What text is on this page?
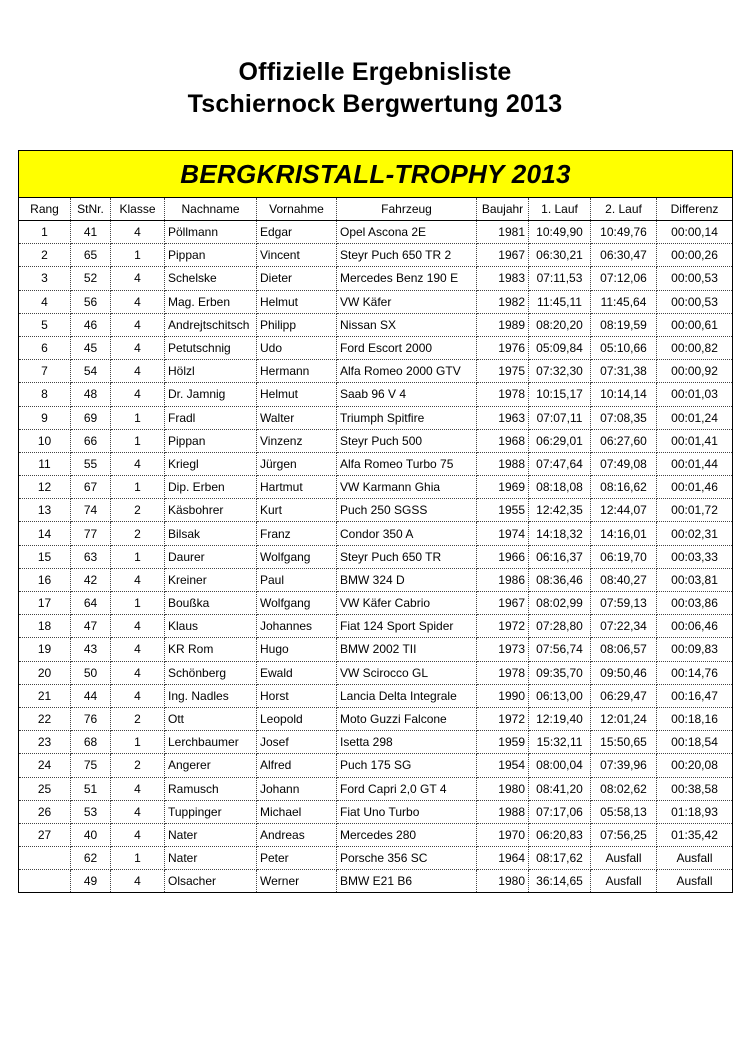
Offizielle Ergebnisliste
Tschiernock Bergwertung 2013
BERGKRISTALL-TROPHY 2013									
Rang	StNr.	Klasse	Nachname	Vornahme	Fahrzeug	Baujahr	1. Lauf	2. Lauf	Differenz
1	41	4	Pöllmann	Edgar	Opel Ascona 2E	1981	10:49,90	10:49,76	00:00,14
2	65	1	Pippan	Vincent	Steyr Puch 650 TR 2	1967	06:30,21	06:30,47	00:00,26
3	52	4	Schelske	Dieter	Mercedes Benz 190 E	1983	07:11,53	07:12,06	00:00,53
4	56	4	Mag. Erben	Helmut	VW Käfer	1982	11:45,11	11:45,64	00:00,53
5	46	4	Andrejtschitsch	Philipp	Nissan SX	1989	08:20,20	08:19,59	00:00,61
6	45	4	Petutschnig	Udo	Ford Escort 2000	1976	05:09,84	05:10,66	00:00,82
7	54	4	Hölzl	Hermann	Alfa Romeo 2000 GTV	1975	07:32,30	07:31,38	00:00,92
8	48	4	Dr. Jamnig	Helmut	Saab 96 V 4	1978	10:15,17	10:14,14	00:01,03
9	69	1	Fradl	Walter	Triumph Spitfire	1963	07:07,11	07:08,35	00:01,24
10	66	1	Pippan	Vinzenz	Steyr Puch 500	1968	06:29,01	06:27,60	00:01,41
11	55	4	Kriegl	Jürgen	Alfa Romeo Turbo 75	1988	07:47,64	07:49,08	00:01,44
12	67	1	Dip. Erben	Hartmut	VW Karmann Ghia	1969	08:18,08	08:16,62	00:01,46
13	74	2	Käsbohrer	Kurt	Puch 250 SGSS	1955	12:42,35	12:44,07	00:01,72
14	77	2	Bilsak	Franz	Condor 350 A	1974	14:18,32	14:16,01	00:02,31
15	63	1	Daurer	Wolfgang	Steyr Puch 650 TR	1966	06:16,37	06:19,70	00:03,33
16	42	4	Kreiner	Paul	BMW 324 D	1986	08:36,46	08:40,27	00:03,81
17	64	1	Boußka	Wolfgang	VW Käfer Cabrio	1967	08:02,99	07:59,13	00:03,86
18	47	4	Klaus	Johannes	Fiat 124 Sport Spider	1972	07:28,80	07:22,34	00:06,46
19	43	4	KR Rom	Hugo	BMW 2002 TII	1973	07:56,74	08:06,57	00:09,83
20	50	4	Schönberg	Ewald	VW Scirocco GL	1978	09:35,70	09:50,46	00:14,76
21	44	4	Ing. Nadles	Horst	Lancia Delta Integrale	1990	06:13,00	06:29,47	00:16,47
22	76	2	Ott	Leopold	Moto Guzzi Falcone	1972	12:19,40	12:01,24	00:18,16
23	68	1	Lerchbaumer	Josef	Isetta 298	1959	15:32,11	15:50,65	00:18,54
24	75	2	Angerer	Alfred	Puch 175 SG	1954	08:00,04	07:39,96	00:20,08
25	51	4	Ramusch	Johann	Ford Capri 2,0 GT 4	1980	08:41,20	08:02,62	00:38,58
26	53	4	Tuppinger	Michael	Fiat Uno Turbo	1988	07:17,06	05:58,13	01:18,93
27	40	4	Nater	Andreas	Mercedes 280	1970	06:20,83	07:56,25	01:35,42
	62	1	Nater	Peter	Porsche 356 SC	1964	08:17,62	Ausfall	Ausfall
	49	4	Olsacher	Werner	BMW E21 B6	1980	36:14,65	Ausfall	Ausfall
